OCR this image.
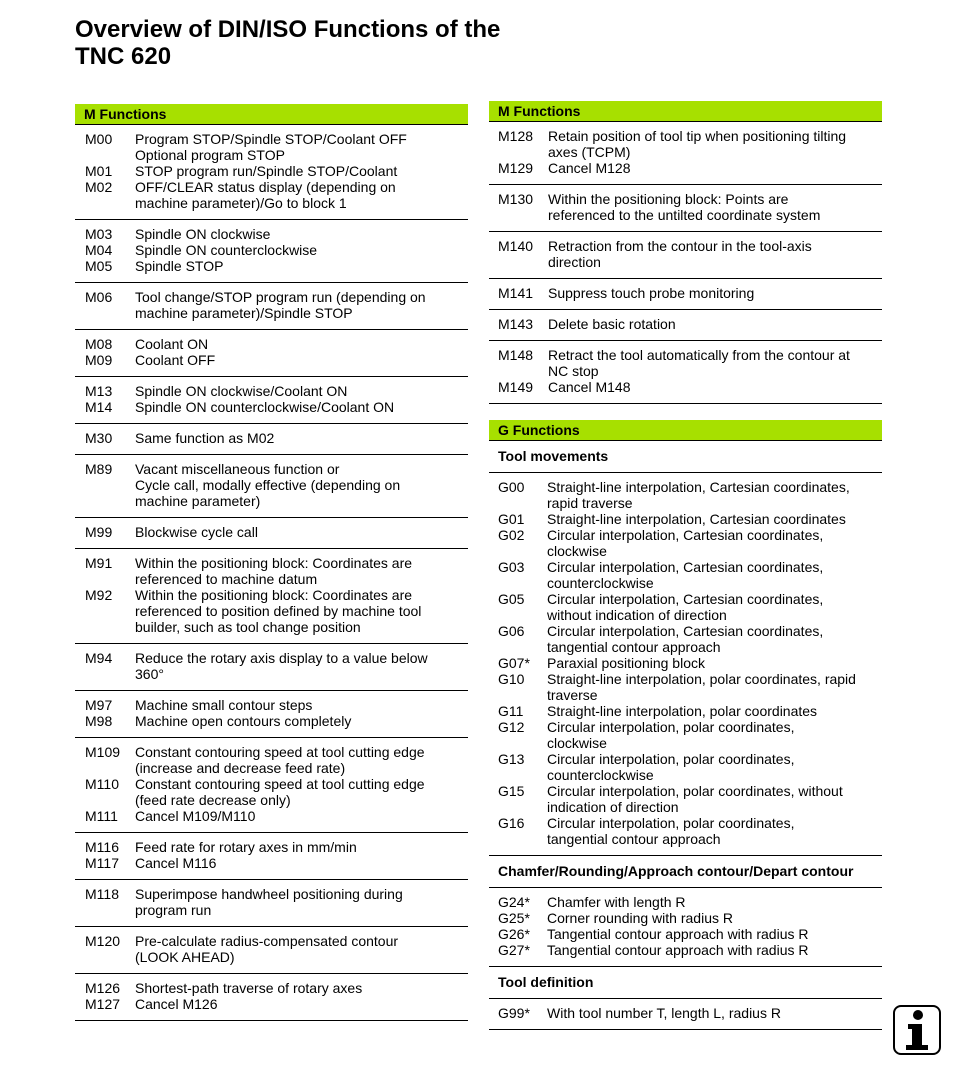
Overview of DIN/ISO Functions of the
TNC 620
M Functions
M00	Program STOP/Spindle STOP/Coolant OFF
Optional program STOP
M01	STOP program run/Spindle STOP/Coolant
M02	OFF/CLEAR status display (depending on
machine parameter)/Go to block 1
M03	Spindle ON clockwise
M04	Spindle ON counterclockwise
M05	Spindle STOP
M06	Tool change/STOP program run (depending on
machine parameter)/Spindle STOP
M08	Coolant ON
M09	Coolant OFF
M13	Spindle ON clockwise/Coolant ON
M14	Spindle ON counterclockwise/Coolant ON
M30	Same function as M02
M89	Vacant miscellaneous function or
Cycle call, modally effective (depending on
machine parameter)
M99	Blockwise cycle call
M91	Within the positioning block: Coordinates are
referenced to machine datum
M92	Within the positioning block: Coordinates are
referenced to position defined by machine tool
builder, such as tool change position
M94	Reduce the rotary axis display to a value below
360°
M97	Machine small contour steps
M98	Machine open contours completely
M109	Constant contouring speed at tool cutting edge
(increase and decrease feed rate)
M110	Constant contouring speed at tool cutting edge
(feed rate decrease only)
M111	Cancel M109/M110
M116	Feed rate for rotary axes in mm/min
M117	Cancel M116
M118	Superimpose handwheel positioning during
program run
M120	Pre-calculate radius-compensated contour
(LOOK AHEAD)
M126	Shortest-path traverse of rotary axes
M127	Cancel M126
M Functions
M128	Retain position of tool tip when positioning tilting
axes (TCPM)
M129	Cancel M128
M130	Within the positioning block: Points are
referenced to the untilted coordinate system
M140	Retraction from the contour in the tool-axis
direction
M141	Suppress touch probe monitoring
M143	Delete basic rotation
M148	Retract the tool automatically from the contour at
NC stop
M149	Cancel M148
G Functions
Tool movements
G00	Straight-line interpolation, Cartesian coordinates,
rapid traverse
G01	Straight-line interpolation, Cartesian coordinates
G02	Circular interpolation, Cartesian coordinates,
clockwise
G03	Circular interpolation, Cartesian coordinates,
counterclockwise
G05	Circular interpolation, Cartesian coordinates,
without indication of direction
G06	Circular interpolation, Cartesian coordinates,
tangential contour approach
G07*	Paraxial positioning block
G10	Straight-line interpolation, polar coordinates, rapid
traverse
G11	Straight-line interpolation, polar coordinates
G12	Circular interpolation, polar coordinates,
clockwise
G13	Circular interpolation, polar coordinates,
counterclockwise
G15	Circular interpolation, polar coordinates, without
indication of direction
G16	Circular interpolation, polar coordinates,
tangential contour approach
Chamfer/Rounding/Approach contour/Depart contour
G24*	Chamfer with length R
G25*	Corner rounding with radius R
G26*	Tangential contour approach with radius R
G27*	Tangential contour approach with radius R
Tool definition
G99*	With tool number T, length L, radius R
